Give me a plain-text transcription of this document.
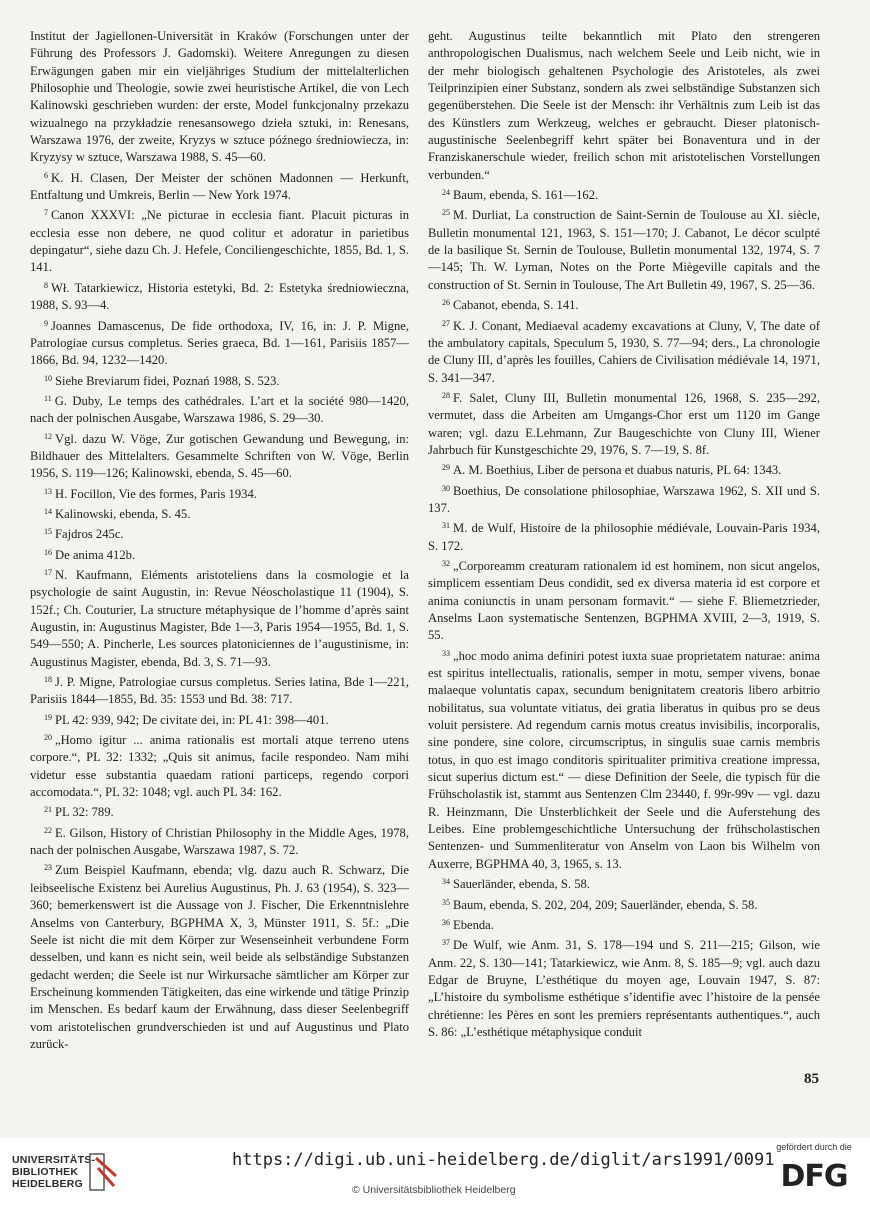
Institut der Jagiellonen-Universität in Kraków (Forschungen unter der Führung des Professors J. Gadomski). Weitere Anregungen zu diesen Erwägungen gaben mir ein vieljähriges Studium der mittelalterlichen Philosophie und Theologie, sowie zwei heuristische Artikel, die von Lech Kalinowski geschrieben wurden: der erste, Model funkcjonalny przekazu wizualnego na przykładzie renesansowego dzieła sztuki, in: Renesans, Warszawa 1976, der zweite, Kryzys w sztuce późnego średniowiecza, in: Kryzysy w sztuce, Warszawa 1988, S. 45—60.

$^6$ K. H. Clasen, Der Meister der schönen Madonnen — Herkunft, Entfaltung und Umkreis, Berlin — New York 1974.

$^7$ Canon XXXVI: „Ne picturae in ecclesia fiant. Placuit picturas in ecclesia esse non debere, ne quod colitur et adoratur in parietibus depingatur“, siehe dazu Ch. J. Hefele, Conciliengeschichte, 1855, Bd. 1, S. 141.

$^8$ Wł. Tatarkiewicz, Historia estetyki, Bd. 2: Estetyka średniowieczna, 1988, S. 93—4.

$^9$ Joannes Damascenus, De fide orthodoxa, IV, 16, in: J. P. Migne, Patrologiae cursus completus. Series graeca, Bd. 1—161, Parisiis 1857—1866, Bd. 94, 1232—1420.

$^{10}$ Siehe Breviarum fidei, Poznań 1988, S. 523.

$^{11}$ G. Duby, Le temps des cathédrales. L’art et la société 980—1420, nach der polnischen Ausgabe, Warszawa 1986, S. 29—30.

$^{12}$ Vgl. dazu W. Vöge, Zur gotischen Gewandung und Bewegung, in: Bildhauer des Mittelalters. Gesammelte Schriften von W. Vöge, Berlin 1956, S. 119—126; Kalinowski, ebenda, S. 45—60.

$^{13}$ H. Focillon, Vie des formes, Paris 1934.

$^{14}$ Kalinowski, ebenda, S. 45.

$^{15}$ Fajdros 245c.

$^{16}$ De anima 412b.

$^{17}$ N. Kaufmann, Eléments aristoteliens dans la cosmologie et la psychologie de saint Augustin, in: Revue Néoscholastique 11 (1904), S. 152f.; Ch. Couturier, La structure métaphysique de l’homme d’après saint Augustin, in: Augustinus Magister, Bde 1—3, Paris 1954—1955, Bd. 1, S. 549—550; A. Pincherle, Les sources platoniciennes de l’augustinisme, in: Augustinus Magister, ebenda, Bd. 3, S. 71—93.

$^{18}$ J. P. Migne, Patrologiae cursus completus. Series latina, Bde 1—221, Parisiis 1844—1855, Bd. 35: 1553 und Bd. 38: 717.

$^{19}$ PL 42: 939, 942; De civitate dei, in: PL 41: 398—401.

$^{20}$ „Homo igitur ... anima rationalis est mortali atque terreno utens corpore.“, PL 32: 1332; „Quis sit animus, facile respondeo. Nam mihi videtur esse substantia quaedam rationi particeps, regendo corpori accomodata.“, PL 32: 1048; vgl. auch PL 34: 162.

$^{21}$ PL 32: 789.

$^{22}$ E. Gilson, History of Christian Philosophy in the Middle Ages, 1978, nach der polnischen Ausgabe, Warszawa 1987, S. 72.

$^{23}$ Zum Beispiel Kaufmann, ebenda; vlg. dazu auch R. Schwarz, Die leibseelische Existenz bei Aurelius Augustinus, Ph. J. 63 (1954), S. 323—360; bemerkenswert ist die Aussage von J. Fischer, Die Erkenntnislehre Anselms von Canterbury, BGPHMA X, 3, Münster 1911, S. 5f.: „Die Seele ist nicht die mit dem Körper zur Wesenseinheit verbundene Form desselben, und kann es nicht sein, weil beide als selbständige Substanzen gedacht werden; die Seele ist nur Wirkursache sämtlicher am Körper zur Erscheinung kommenden Tätigkeiten, das eine wirkende und tätige Prinzip im Menschen. Es bedarf kaum der Erwähnung, dass dieser Seelenbegriff vom aristotelischen grundverschieden ist und auf Augustinus und Plato zurück-

geht. Augustinus teilte bekanntlich mit Plato den strengeren anthropologischen Dualismus, nach welchem Seele und Leib nicht, wie in der mehr biologisch gehaltenen Psychologie des Aristoteles, als zwei Teilprinzipien einer Substanz, sondern als zwei selbständige Substanzen sich gegenüberstehen. Die Seele ist der Mensch: ihr Verhältnis zum Leib ist das des Künstlers zum Werkzeug, welches er gebraucht. Dieser platonisch-augustinische Seelenbegriff kehrt später bei Bonaventura und in der Franziskanerschule wieder, freilich schon mit aristotelischen Vorstellungen verbunden.“

$^{24}$ Baum, ebenda, S. 161—162.

$^{25}$ M. Durliat, La construction de Saint-Sernin de Toulouse au XI. siècle, Bulletin monumental 121, 1963, S. 151—170; J. Cabanot, Le décor sculpté de la basilique St. Sernin de Toulouse, Bulletin monumental 132, 1974, S. 7—145; Th. W. Lyman, Notes on the Porte Miègeville capitals and the construction of St. Sernin in Toulouse, The Art Bulletin 49, 1967, S. 25—36.

$^{26}$ Cabanot, ebenda, S. 141.

$^{27}$ K. J. Conant, Mediaeval academy excavations at Cluny, V, The date of the ambulatory capitals, Speculum 5, 1930, S. 77—94; ders., La chronologie de Cluny III, d’après les fouilles, Cahiers de Civilisation médiévale 14, 1971, S. 341—347.

$^{28}$ F. Salet, Cluny III, Bulletin monumental 126, 1968, S. 235—292, vermutet, dass die Arbeiten am Umgangs-Chor erst um 1120 im Gange waren; vgl. dazu E.Lehmann, Zur Baugeschichte von Cluny III, Wiener Jahrbuch für Kunstgeschichte 29, 1976, S. 7—19, S. 8f.

$^{29}$ A. M. Boethius, Liber de persona et duabus naturis, PL 64: 1343.

$^{30}$ Boethius, De consolatione philosophiae, Warszawa 1962, S. XII und S. 137.

$^{31}$ M. de Wulf, Histoire de la philosophie médiévale, Louvain-Paris 1934, S. 172.

$^{32}$ „Corporeamm creaturam rationalem id est hominem, non sicut angelos, simplicem essentiam Deus condidit, sed ex diversa materia id est corpore et anima coniunctis in unam personam formavit.“ — siehe F. Bliemetzrieder, Anselms Laon systematische Sentenzen, BGPHMA XVIII, 2—3, 1919, S. 55.

$^{33}$ „hoc modo anima definiri potest iuxta suae proprietatem naturae: anima est spiritus intellectualis, rationalis, semper in motu, semper vivens, bonae malaeque voluntatis capax, secundum benignitatem creatoris libero arbitrio nobilitatus, sua voluntate vitiatus, dei gratia liberatus in quibus pro se deus voluit persistere. Ad regendum carnis motus creatus invisibilis, incorporalis, sine pondere, sine colore, circumscriptus, in singulis suae carnis membris totus, in quo est imago conditoris spiritualiter primitiva creatione impressa, sicut superius dictum est.“ — diese Definition der Seele, die typisch für die Frühscholastik ist, stammt aus Sentenzen Clm 23440, f. 99r-99v — vgl. dazu R. Heinzmann, Die Unsterblichkeit der Seele und die Auferstehung des Leibes. Eine problemgeschichtliche Untersuchung der frühscholastischen Sentenzen- und Summenliteratur von Anselm von Laon bis Wilhelm von Auxerre, BGPHMA 40, 3, 1965, s. 13.

$^{34}$ Sauerländer, ebenda, S. 58.

$^{35}$ Baum, ebenda, S. 202, 204, 209; Sauerländer, ebenda, S. 58.

$^{36}$ Ebenda.

$^{37}$ De Wulf, wie Anm. 31, S. 178—194 und S. 211—215; Gilson, wie Anm. 22, S. 130—141; Tatarkiewicz, wie Anm. 8, S. 185—9; vgl. auch dazu Edgar de Bruyne, L’esthétique du moyen age, Louvain 1947, S. 87: „L’histoire du symbolisme esthétique s’identifie avec l’histoire de la pensée chrétienne: les Pères en sont les premiers représentants authentiques.“, auch S. 86: „L’esthétique métaphysique conduit

85
UNIVERSITÄTS-
BIBLIOTHEK
HEIDELBERG
https://digi.ub.uni-heidelberg.de/diglit/ars1991/0091
© Universitätsbibliothek Heidelberg
gefördert durch die
DFG
